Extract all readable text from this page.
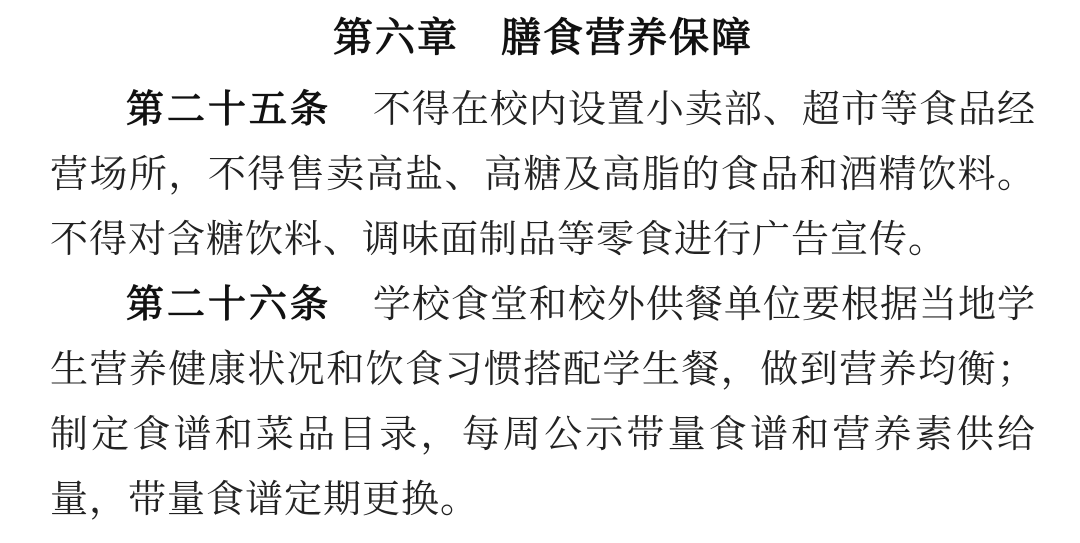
第六章　膳食营养保障

第二十五条 不得在校内设置小卖部、超市等食品经营场所，不得售卖高盐、高糖及高脂的食品和酒精饮料。不得对含糖饮料、调味面制品等零食进行广告宣传。

第二十六条 学校食堂和校外供餐单位要根据当地学生营养健康状况和饮食习惯搭配学生餐，做到营养均衡；制定食谱和菜品目录，每周公示带量食谱和营养素供给量，带量食谱定期更换。
